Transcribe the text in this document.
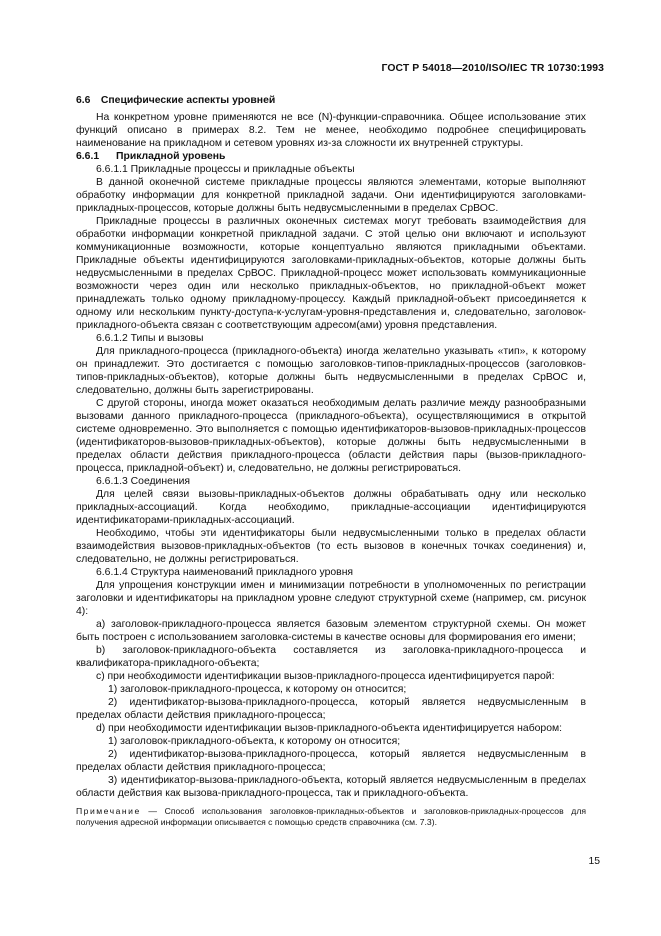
ГОСТ Р 54018—2010/ISO/IEC TR 10730:1993

6.6 Специфические аспекты уровней

На конкретном уровне применяются не все (N)-функции-справочника. Общее использование этих функций описано в примерах 8.2. Тем не менее, необходимо подробнее специфицировать наименование на прикладном и сетевом уровнях из-за сложности их внутренней структуры.

6.6.1 Прикладной уровень

6.6.1.1 Прикладные процессы и прикладные объекты

В данной оконечной системе прикладные процессы являются элементами, которые выполняют обработку информации для конкретной прикладной задачи. Они идентифицируются заголовками-прикладных-процессов, которые должны быть недвусмысленными в пределах СрВОС.

Прикладные процессы в различных оконечных системах могут требовать взаимодействия для обработки информации конкретной прикладной задачи. С этой целью они включают и используют коммуникационные возможности, которые концептуально являются прикладными объектами. Прикладные объекты идентифицируются заголовками-прикладных-объектов, которые должны быть недвусмысленными в пределах СрВОС. Прикладной-процесс может использовать коммуникационные возможности через один или несколько прикладных-объектов, но прикладной-объект может принадлежать только одному прикладному-процессу. Каждый прикладной-объект присоединяется к одному или нескольким пункту-доступа-к-услугам-уровня-представления и, следовательно, заголовок-прикладного-объекта связан с соответствующим адресом(ами) уровня представления.

6.6.1.2 Типы и вызовы

Для прикладного-процесса (прикладного-объекта) иногда желательно указывать «тип», к которому он принадлежит. Это достигается с помощью заголовков-типов-прикладных-процессов (заголовков-типов-прикладных-объектов), которые должны быть недвусмысленными в пределах СрВОС и, следовательно, должны быть зарегистрированы.

С другой стороны, иногда может оказаться необходимым делать различие между разнообразными вызовами данного прикладного-процесса (прикладного-объекта), осуществляющимися в открытой системе одновременно. Это выполняется с помощью идентификаторов-вызовов-прикладных-процессов (идентификаторов-вызовов-прикладных-объектов), которые должны быть недвусмысленными в пределах области действия прикладного-процесса (области действия пары (вызов-прикладного-процесса, прикладной-объект) и, следовательно, не должны регистрироваться.

6.6.1.3 Соединения

Для целей связи вызовы-прикладных-объектов должны обрабатывать одну или несколько прикладных-ассоциаций. Когда необходимо, прикладные-ассоциации идентифицируются идентификаторами-прикладных-ассоциаций.

Необходимо, чтобы эти идентификаторы были недвусмысленными только в пределах области взаимодействия вызовов-прикладных-объектов (то есть вызовов в конечных точках соединения) и, следовательно, не должны регистрироваться.

6.6.1.4 Структура наименований прикладного уровня

Для упрощения конструкции имен и минимизации потребности в уполномоченных по регистрации заголовки и идентификаторы на прикладном уровне следуют структурной схеме (например, см. рисунок 4):

a) заголовок-прикладного-процесса является базовым элементом структурной схемы. Он может быть построен с использованием заголовка-системы в качестве основы для формирования его имени;

b) заголовок-прикладного-объекта составляется из заголовка-прикладного-процесса и квалификатора-прикладного-объекта;

c) при необходимости идентификации вызов-прикладного-процесса идентифицируется парой:

1) заголовок-прикладного-процесса, к которому он относится;

2) идентификатор-вызова-прикладного-процесса, который является недвусмысленным в пределах области действия прикладного-процесса;

d) при необходимости идентификации вызов-прикладного-объекта идентифицируется набором:

1) заголовок-прикладного-объекта, к которому он относится;

2) идентификатор-вызова-прикладного-процесса, который является недвусмысленным в пределах области действия прикладного-процесса;

3) идентификатор-вызова-прикладного-объекта, который является недвусмысленным в пределах области действия как вызова-прикладного-процесса, так и прикладного-объекта.

Примечание — Способ использования заголовков-прикладных-объектов и заголовков-прикладных-процессов для получения адресной информации описывается с помощью средств справочника (см. 7.3).

15
